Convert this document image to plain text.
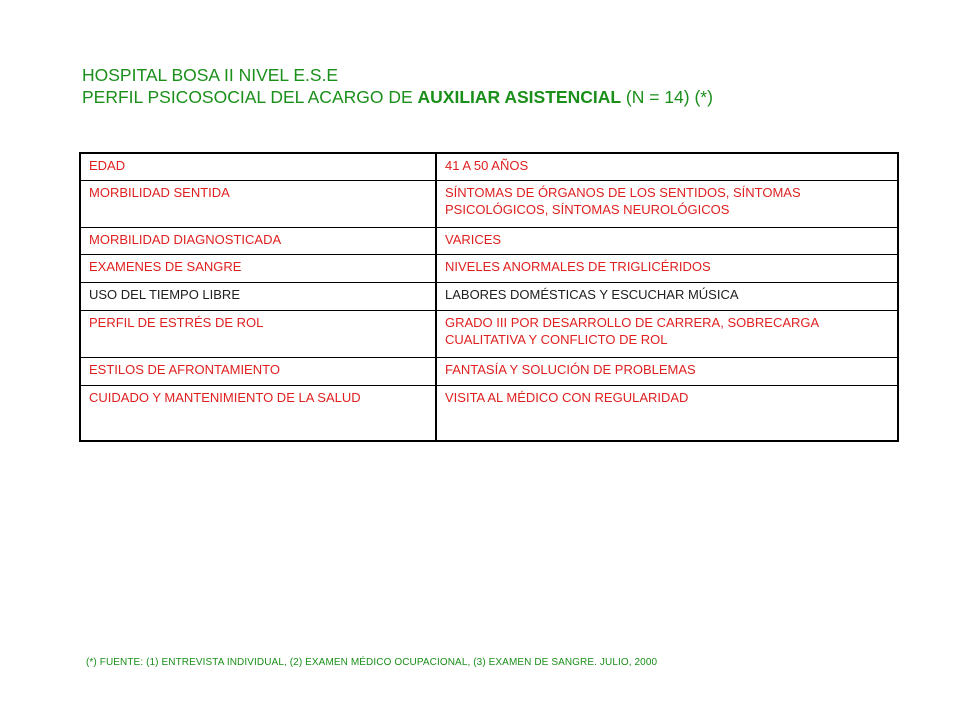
HOSPITAL BOSA II NIVEL E.S.E
PERFIL PSICOSOCIAL DEL ACARGO DE AUXILIAR ASISTENCIAL (N = 14) (*)
EDAD	41 A 50 AÑOS
MORBILIDAD SENTIDA	SÍNTOMAS DE ÓRGANOS DE LOS SENTIDOS, SÍNTOMAS PSICOLÓGICOS, SÍNTOMAS NEUROLÓGICOS
MORBILIDAD DIAGNOSTICADA	VARICES
EXAMENES DE SANGRE	NIVELES ANORMALES DE TRIGLICÉRIDOS
USO DEL TIEMPO LIBRE	LABORES DOMÉSTICAS Y ESCUCHAR MÚSICA
PERFIL DE ESTRÉS DE ROL	GRADO III POR DESARROLLO DE CARRERA, SOBRECARGA CUALITATIVA Y CONFLICTO DE ROL
ESTILOS DE AFRONTAMIENTO	FANTASÍA Y SOLUCIÓN DE PROBLEMAS
CUIDADO Y MANTENIMIENTO DE LA SALUD	VISITA AL MÉDICO CON REGULARIDAD
(*) FUENTE: (1) ENTREVISTA INDIVIDUAL, (2) EXAMEN MÉDICO OCUPACIONAL, (3) EXAMEN DE SANGRE. JULIO, 2000
